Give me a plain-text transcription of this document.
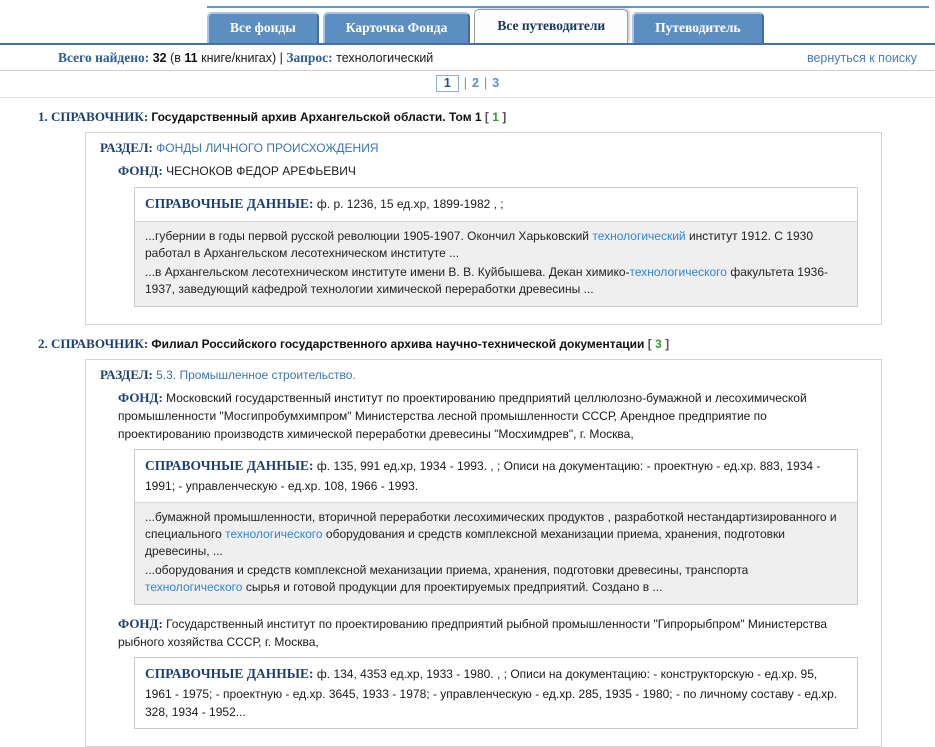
Все фонды	Карточка Фонда	Все путеводители	Путеводитель
Всего найдено: 32 (в 11 книге/книгах) | Запрос: технологический	вернуться к поиску
1 | 2 | 3
1. СПРАВОЧНИК: Государственный архив Архангельской области. Том 1 [ 1 ]
РАЗДЕЛ: ФОНДЫ ЛИЧНОГО ПРОИСХОЖДЕНИЯ
ФОНД: ЧЕСНОКОВ ФЕДОР АРЕФЬЕВИЧ
СПРАВОЧНЫЕ ДАННЫЕ: ф. р. 1236, 15 ед.хр, 1899-1982 , ;
...губернии в годы первой русской революции 1905-1907. Окончил Харьковский технологический институт 1912. С 1930 работал в Архангельском лесотехническом институте ...
...в Архангельском лесотехническом институте имени В. В. Куйбышева. Декан химико-технологического факультета 1936-1937, заведующий кафедрой технологии химической переработки древесины ...
2. СПРАВОЧНИК: Филиал Российского государственного архива научно-технической документации [ 3 ]
РАЗДЕЛ: 5.3. Промышленное строительство.
ФОНД: Московский государственный институт по проектированию предприятий целлюлозно-бумажной и лесохимической промышленности "Мосгипробумхимпром" Министерства лесной промышленности СССР, Арендное предприятие по проектированию производств химической переработки древесины "Мосхимдрев", г. Москва,
СПРАВОЧНЫЕ ДАННЫЕ: ф. 135, 991 ед.хр, 1934 - 1993. , ; Описи на документацию: - проектную - ед.хр. 883, 1934 - 1991; - управленческую - ед.хр. 108, 1966 - 1993.
...бумажной промышленности, вторичной переработки лесохимических продуктов , разработкой нестандартизированного и специального технологического оборудования и средств комплексной механизации приема, хранения, подготовки древесины, ...
...оборудования и средств комплексной механизации приема, хранения, подготовки древесины, транспорта технологического сырья и готовой продукции для проектируемых предприятий. Создано в ...
ФОНД: Государственный институт по проектированию предприятий рыбной промышленности "Гипрорыбпром" Министерства рыбного хозяйства СССР, г. Москва,
СПРАВОЧНЫЕ ДАННЫЕ: ф. 134, 4353 ед.хр, 1933 - 1980. , ; Описи на документацию: - конструкторскую - ед.хр. 95, 1961 - 1975; - проектную - ед.хр. 3645, 1933 - 1978; - управленческую - ед.хр. 285, 1935 - 1980; - по личному составу - ед.хр. 328, 1934 - 1952...
